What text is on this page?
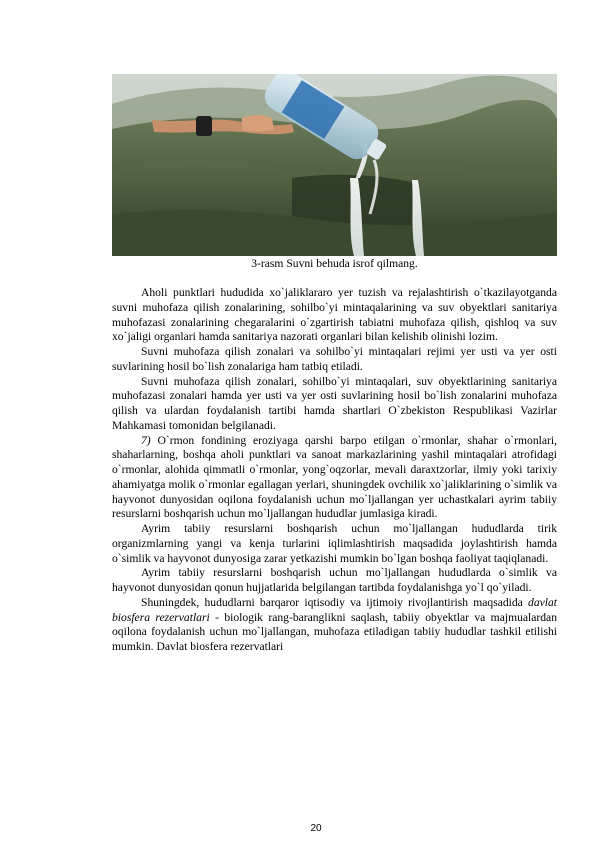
3-rasm Suvni behuda isrof qilmang.

Aholi punktlari hududida xo`jaliklararo yer tuzish va rejalashtirish o`tkazilayotganda suvni muhofaza qilish zonalarining, sohilbo`yi mintaqalarining va suv obyektlari sanitariya muhofazasi zonalarining chegaralarini o`zgartirish tabiatni muhofaza qilish, qishloq va suv xo`jaligi organlari hamda sanitariya nazorati organlari bilan kelishib olinishi lozim.

Suvni muhofaza qilish zonalari va sohilbo`yi mintaqalari rejimi yer usti va yer osti suvlarining hosil bo`lish zonalariga ham tatbiq etiladi.

Suvni muhofaza qilish zonalari, sohilbo`yi mintaqalari, suv obyektlarining sanitariya muhofazasi zonalari hamda yer usti va yer osti suvlarining hosil bo`lish zonalarini muhofaza qilish va ulardan foydalanish tartibi hamda shartlari O`zbekiston Respublikasi Vazirlar Mahkamasi tomonidan belgilanadi.

7) O`rmon fondining eroziyaga qarshi barpo etilgan o`rmonlar, shahar o`rmonlari, shaharlarning, boshqa aholi punktlari va sanoat markazlarining yashil mintaqalari atrofidagi o`rmonlar, alohida qimmatli o`rmonlar, yong`oqzorlar, mevali daraxtzorlar, ilmiy yoki tarixiy ahamiyatga molik o`rmonlar egallagan yerlari, shuningdek ovchilik xo`jaliklarining o`simlik va hayvonot dunyosidan oqilona foydalanish uchun mo`ljallangan yer uchastkalari ayrim tabiiy resurslarni boshqarish uchun mo`ljallangan hududlar jumlasiga kiradi.

Ayrim tabiiy resurslarni boshqarish uchun mo`ljallangan hududlarda tirik organizmlarning yangi va kenja turlarini iqlimlashtirish maqsadida joylashtirish hamda o`simlik va hayvonot dunyosiga zarar yetkazishi mumkin bo`lgan boshqa faoliyat taqiqlanadi.

Ayrim tabiiy resurslarni boshqarish uchun mo`ljallangan hududlarda o`simlik va hayvonot dunyosidan qonun hujjatlarida belgilangan tartibda foydalanishga yo`l qo`yiladi.

Shuningdek, hududlarni barqaror iqtisodiy va ijtimoiy rivojlantirish maqsadida davlat biosfera rezervatlari - biologik rang-baranglikni saqlash, tabiiy obyektlar va majmualardan oqilona foydalanish uchun mo`ljallangan, muhofaza etiladigan tabiiy hududlar tashkil etilishi mumkin. Davlat biosfera rezervatlari

20
